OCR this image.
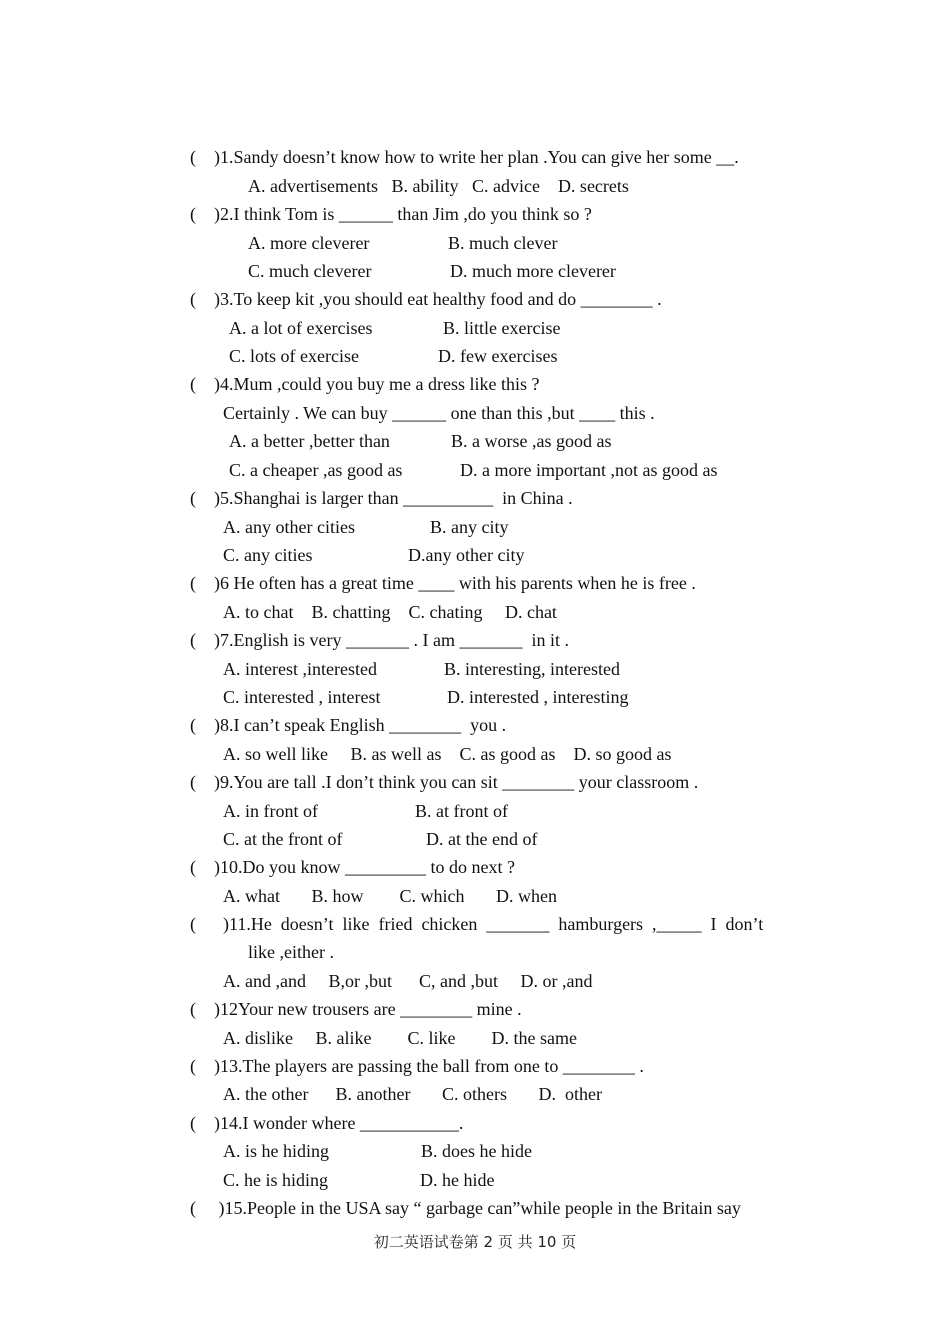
(    )1.Sandy doesn’t know how to write her plan .You can give her some __.
A. advertisements   B. ability   C. advice    D. secrets
(    )2.I think Tom is ______ than Jim ,do you think so ?
A. more cleverer	B. much clever
C. much cleverer	D. much more cleverer
(    )3.To keep kit ,you should eat healthy food and do ________ .
A. a lot of exercises	B. little exercise
C. lots of exercise	D. few exercises
(    )4.Mum ,could you buy me a dress like this ?
Certainly . We can buy ______ one than this ,but ____ this .
A. a better ,better than	B. a worse ,as good as
C. a cheaper ,as good as	D. a more important ,not as good as
(    )5.Shanghai is larger than __________  in China .
A. any other cities	B. any city
C. any cities	D.any other city
(    )6 He often has a great time ____ with his parents when he is free .
A. to chat    B. chatting    C. chating     D. chat
(    )7.English is very _______ . I am _______  in it .
A. interest ,interested	B. interesting, interested
C. interested , interest	D. interested , interesting
(    )8.I can’t speak English ________  you .
A. so well like     B. as well as    C. as good as    D. so good as
(    )9.You are tall .I don’t think you can sit ________ your classroom .
A. in front of	B. at front of
C. at the front of	D. at the end of
(    )10.Do you know _________ to do next ?
A. what       B. how        C. which       D. when
(      )11.He  doesn’t  like  fried  chicken  _______  hamburgers  ,_____  I  don’t
like ,either .
A. and ,and     B,or ,but      C, and ,but     D. or ,and
(    )12Your new trousers are ________ mine .
A. dislike     B. alike        C. like        D. the same
(    )13.The players are passing the ball from one to ________ .
A. the other      B. another       C. others       D.  other
(    )14.I wonder where ___________.
A. is he hiding	B. does he hide
C. he is hiding	D. he hide
(     )15.People in the USA say “ garbage can”while people in the Britain say
初二英语试卷第 2 页 共 10 页
